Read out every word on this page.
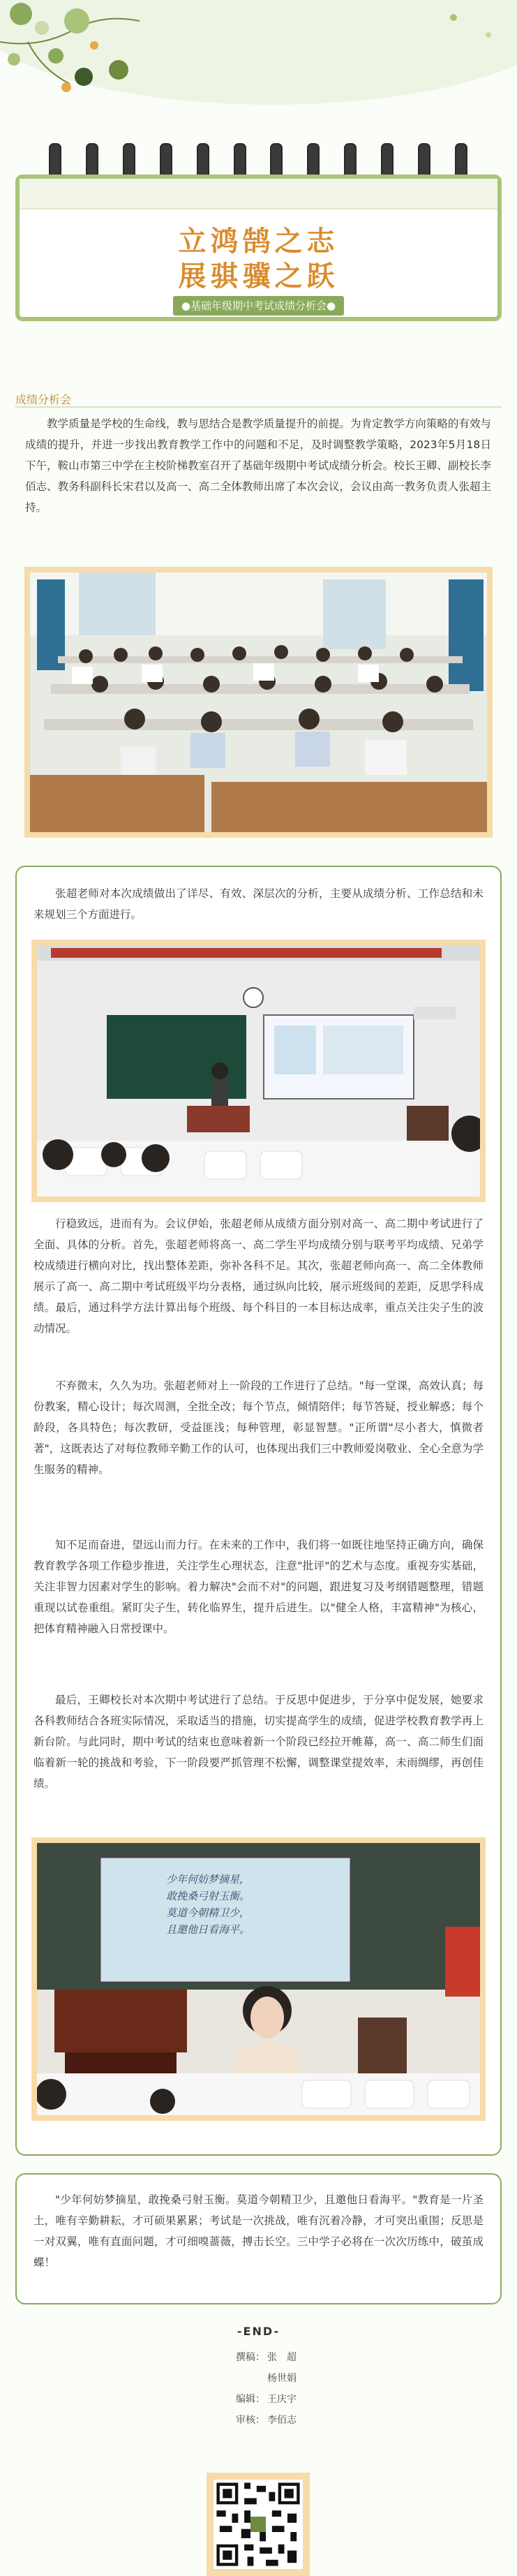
立鸿鹄之志
展骐骥之跃
●基础年级期中考试成绩分析会●
成绩分析会
教学质量是学校的生命线，教与思结合是教学质量提升的前提。为肯定教学方向策略的有效与成绩的提升，并进一步找出教育教学工作中的问题和不足，及时调整教学策略，2023年5月18日下午，鞍山市第三中学在主校阶梯教室召开了基础年级期中考试成绩分析会。校长王卿、副校长李佰志、教务科副科长宋君以及高一、高二全体教师出席了本次会议，会议由高一教务负责人张超主持。
张超老师对本次成绩做出了详尽、有效、深层次的分析，主要从成绩分析、工作总结和未来规划三个方面进行。
行稳致远，进而有为。会议伊始，张超老师从成绩方面分别对高一、高二期中考试进行了全面、具体的分析。首先，张超老师将高一、高二学生平均成绩分别与联考平均成绩、兄弟学校成绩进行横向对比，找出整体差距，弥补各科不足。其次，张超老师向高一、高二全体教师展示了高一、高二期中考试班级平均分表格，通过纵向比较，展示班级间的差距，反思学科成绩。最后，通过科学方法计算出每个班级、每个科目的一本目标达成率，重点关注尖子生的波动情况。
不弃微末，久久为功。张超老师对上一阶段的工作进行了总结。"每一堂课，高效认真；每份教案，精心设计；每次周测，全批全改；每个节点，倾情陪伴；每节答疑，授业解惑；每个龄段，各具特色；每次教研，受益匪浅；每种管理，彰显智慧。"正所谓"尽小者大，慎微者著"，这既表达了对每位教师辛勤工作的认可，也体现出我们三中教师爱岗敬业、全心全意为学生服务的精神。
知不足而奋进，望远山而力行。在未来的工作中，我们将一如既往地坚持正确方向，确保教育教学各项工作稳步推进，关注学生心理状态，注意"批评"的艺术与态度。重视夯实基础，关注非智力因素对学生的影响。着力解决"会而不对"的问题，跟进复习及考纲错题整理，错题重现以试卷重组。紧盯尖子生，转化临界生，提升后进生。以"健全人格，丰富精神"为核心，把体育精神融入日常授课中。
最后，王卿校长对本次期中考试进行了总结。于反思中促进步，于分享中促发展，她要求各科教师结合各班实际情况，采取适当的措施，切实提高学生的成绩，促进学校教育教学再上新台阶。与此同时，期中考试的结束也意味着新一个阶段已经拉开帷幕，高一、高二师生们面临着新一轮的挑战和考验，下一阶段要严抓管理不松懈，调整课堂提效率，未雨绸缪，再创佳绩。
少年何妨梦摘星，
敢挽桑弓射玉衡。
莫道今朝精卫少，
且邀他日看海平。
"少年何妨梦摘星，敢挽桑弓射玉衡。莫道今朝精卫少，且邀他日看海平。"教育是一片圣土，唯有辛勤耕耘，才可硕果累累；考试是一次挑战，唯有沉着冷静，才可突出重围；反思是一对双翼，唯有直面问题，才可细嗅蔷薇，搏击长空。三中学子必将在一次次历练中，破茧成蝶！
-END-
撰稿： 张　超
杨世娟
编辑： 王庆宇
审核： 李佰志
